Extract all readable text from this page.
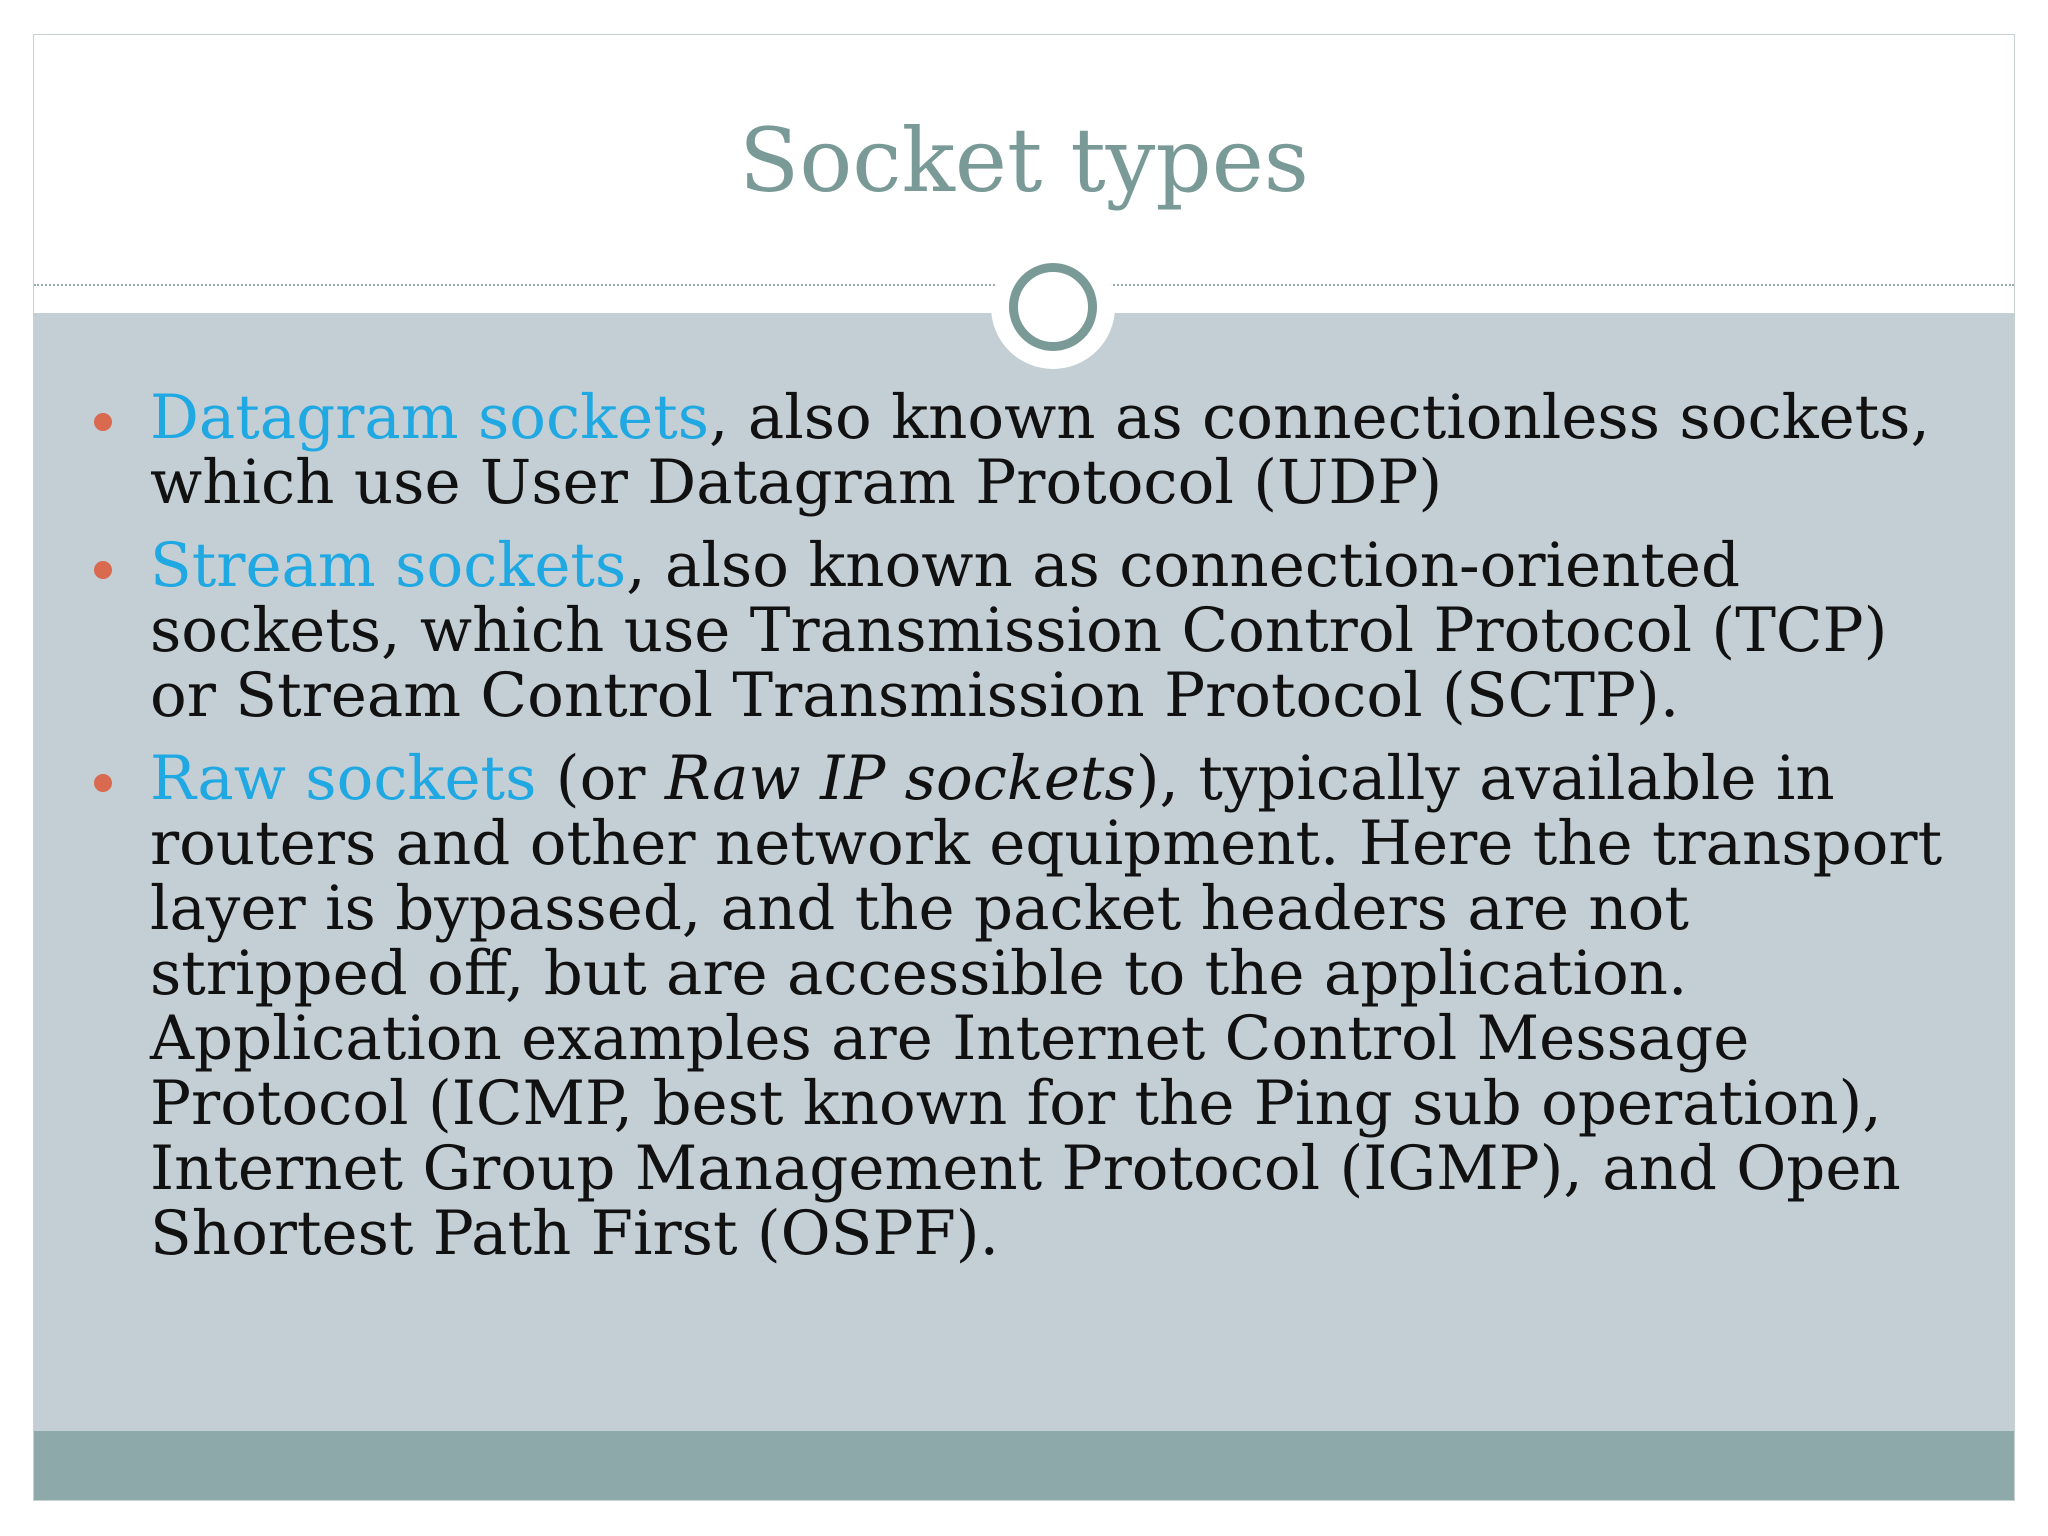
Socket types
Datagram sockets, also known as connectionless sockets, which use User Datagram Protocol (UDP)
Stream sockets, also known as connection-oriented sockets, which use Transmission Control Protocol (TCP) or Stream Control Transmission Protocol (SCTP).
Raw sockets (or Raw IP sockets), typically available in routers and other network equipment. Here the transport layer is bypassed, and the packet headers are not stripped off, but are accessible to the application. Application examples are Internet Control Message Protocol (ICMP, best known for the Ping sub operation), Internet Group Management Protocol (IGMP), and Open Shortest Path First (OSPF).
